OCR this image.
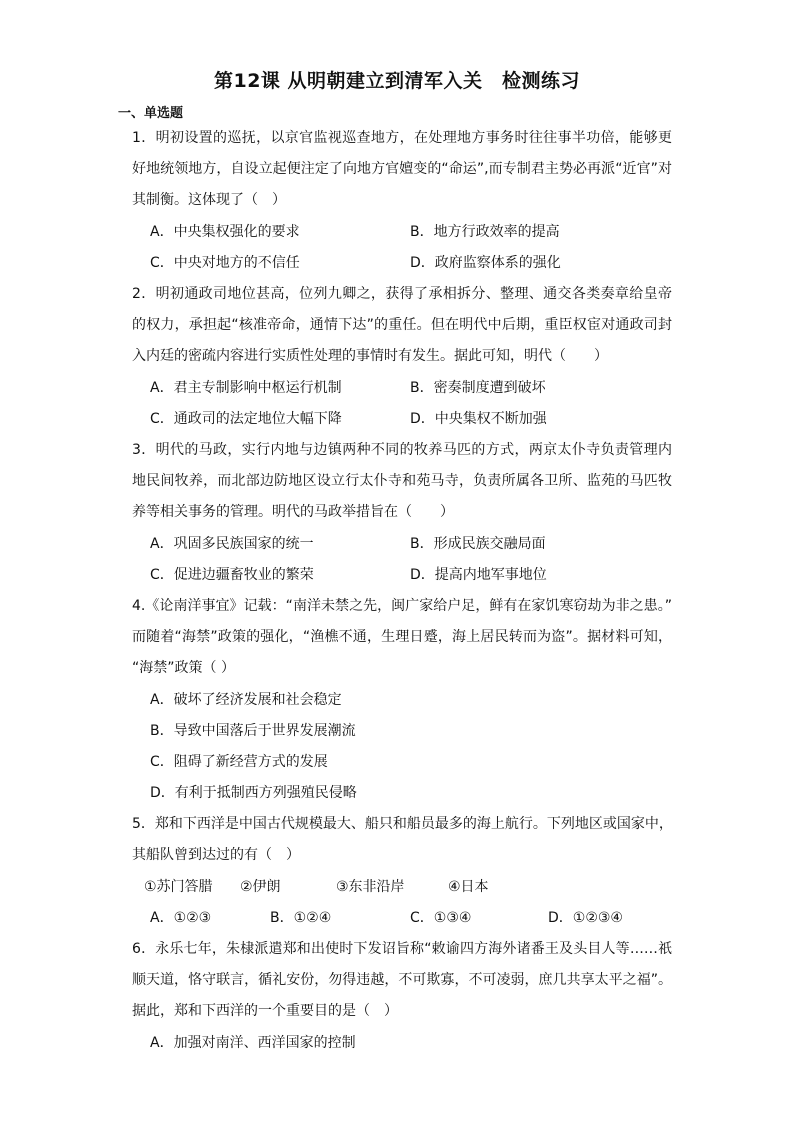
第12课 从明朝建立到清军入关　检测练习
一、单选题
1．明初设置的巡抚，以京官监视巡查地方，在处理地方事务时往往事半功倍，能够更
好地统领地方，自设立起便注定了向地方官嬗变的“命运”,而专制君主势必再派“近官”对
其制衡。这体现了（　）
A．中央集权强化的要求	B．地方行政效率的提高
C．中央对地方的不信任	D．政府监察体系的强化
2．明初通政司地位甚高，位列九卿之，获得了承相拆分、整理、通交各类奏章给皇帝
的权力，承担起“核准帝命，通情下达”的重任。但在明代中后期，重臣权宦对通政司封
入内廷的密疏内容进行实质性处理的事情时有发生。据此可知，明代（　　）
A．君主专制影响中枢运行机制	B．密奏制度遭到破坏
C．通政司的法定地位大幅下降	D．中央集权不断加强
3．明代的马政，实行内地与边镇两种不同的牧养马匹的方式，两京太仆寺负责管理内
地民间牧养，而北部边防地区设立行太仆寺和苑马寺，负责所属各卫所、监苑的马匹牧
养等相关事务的管理。明代的马政举措旨在（　　）
A．巩固多民族国家的统一	B．形成民族交融局面
C．促进边疆畜牧业的繁荣	D．提高内地军事地位
4.《论南洋事宜》记载：“南洋未禁之先，闽广家给户足，鲜有在家饥寒窃劫为非之患。”
而随着“海禁”政策的强化，“渔樵不通，生理日蹙，海上居民转而为盗”。据材料可知，
“海禁”政策（ ）
A．破坏了经济发展和社会稳定
B．导致中国落后于世界发展潮流
C．阻碍了新经营方式的发展
D．有利于抵制西方列强殖民侵略
5．郑和下西洋是中国古代规模最大、船只和船员最多的海上航行。下列地区或国家中，
其船队曾到达过的有（　）
①苏门答腊 ②伊朗	③东非沿岸	④日本
A．①②③	B．①②④	C．①③④	D．①②③④
6．永乐七年，朱棣派遣郑和出使时下发诏旨称“敕谕四方海外诸番王及头目人等……祇
顺天道，恪守联言，循礼安份，勿得违越，不可欺寡，不可凌弱，庶几共享太平之福”。
据此，郑和下西洋的一个重要目的是（　）
A．加强对南洋、西洋国家的控制
